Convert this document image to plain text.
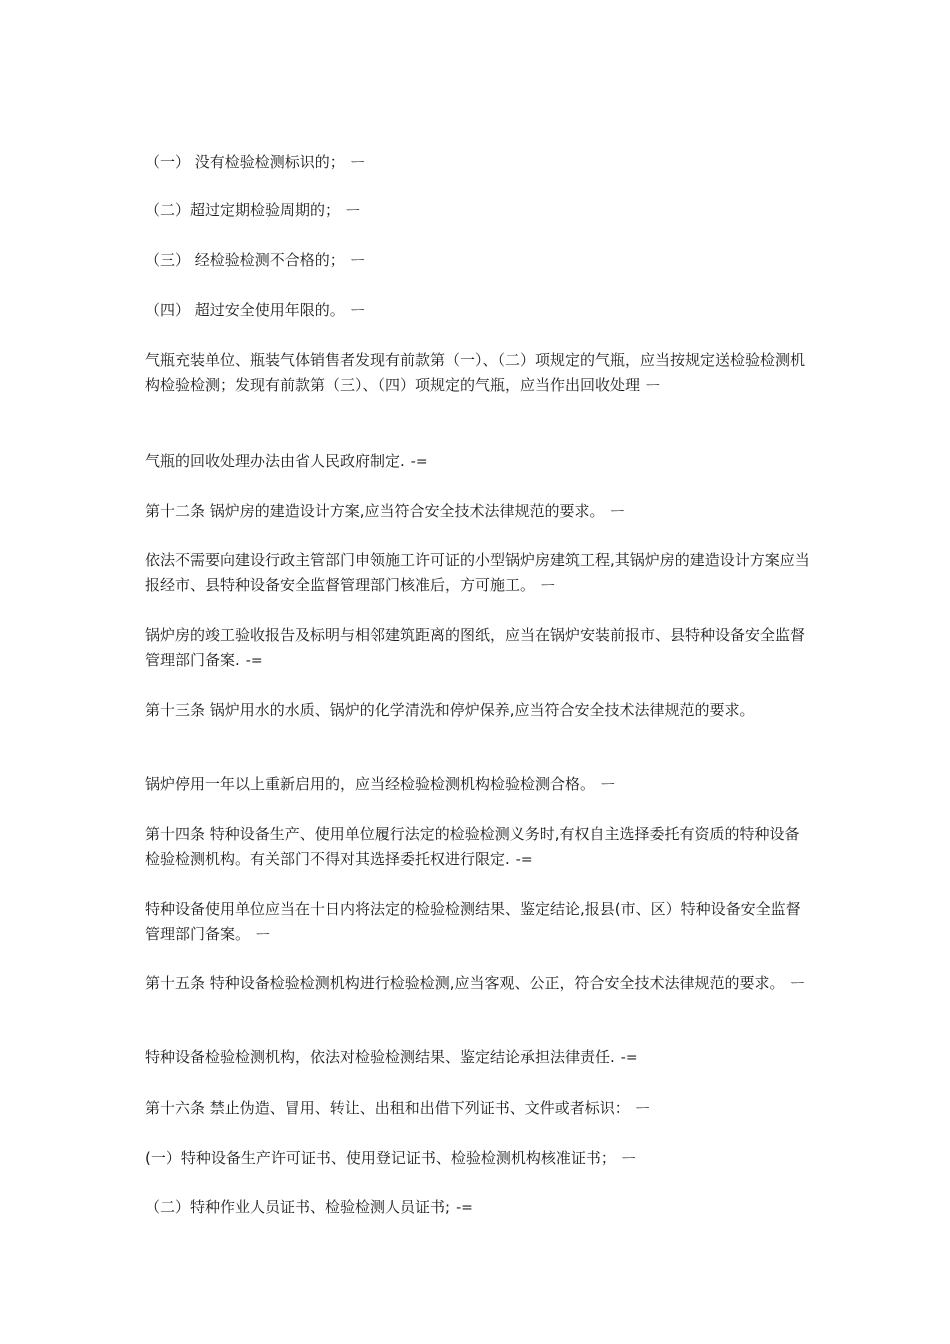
（一） 没有检验检测标识的； ᅳ

（二）超过定期检验周期的； ᅳ

（三） 经检验检测不合格的； ᅳ

（四） 超过安全使用年限的。 ᅳ

气瓶充装单位、瓶装气体销售者发现有前款第（一）、（二）项规定的气瓶，应当按规定送检验检测机构检验检测；发现有前款第（三）、（四）项规定的气瓶，应当作出回收处理 ᅳ

气瓶的回收处理办法由省人民政府制定. -=

第十二条 锅炉房的建造设计方案,应当符合安全技术法律规范的要求。 ᅳ

依法不需要向建设行政主管部门申领施工许可证的小型锅炉房建筑工程,其锅炉房的建造设计方案应当报经市、县特种设备安全监督管理部门核准后，方可施工。 ᅳ

锅炉房的竣工验收报告及标明与相邻建筑距离的图纸，应当在锅炉安装前报市、县特种设备安全监督管理部门备案. -=

第十三条 锅炉用水的水质、锅炉的化学清洗和停炉保养,应当符合安全技术法律规范的要求。

锅炉停用一年以上重新启用的，应当经检验检测机构检验检测合格。 ᅳ

第十四条 特种设备生产、使用单位履行法定的检验检测义务时,有权自主选择委托有资质的特种设备检验检测机构。有关部门不得对其选择委托权进行限定. -=

特种设备使用单位应当在十日内将法定的检验检测结果、鉴定结论,报县(市、区）特种设备安全监督管理部门备案。 ᅳ

第十五条 特种设备检验检测机构进行检验检测,应当客观、公正，符合安全技术法律规范的要求。 ᅳ

特种设备检验检测机构，依法对检验检测结果、鉴定结论承担法律责任. -=

第十六条 禁止伪造、冒用、转让、出租和出借下列证书、文件或者标识： ᅳ

(一）特种设备生产许可证书、使用登记证书、检验检测机构核准证书； ᅳ

（二）特种作业人员证书、检验检测人员证书; -=
